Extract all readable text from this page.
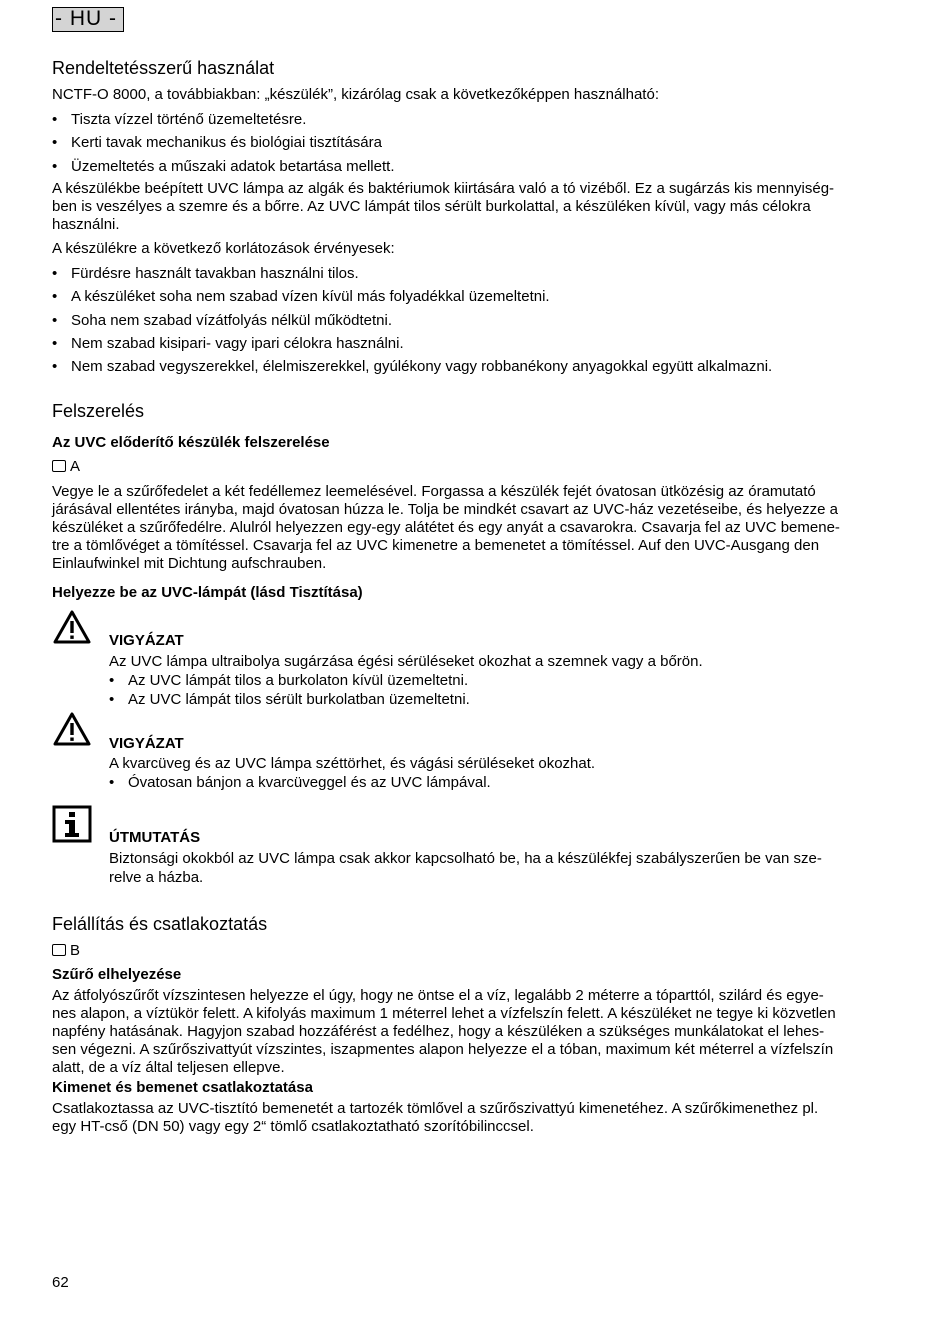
- HU -
Rendeltetésszerű használat
NCTF-O 8000, a továbbiakban: „készülék”, kizárólag csak a következőképpen használható:
• Tiszta vízzel történő üzemeltetésre.
• Kerti tavak mechanikus és biológiai tisztítására
• Üzemeltetés a műszaki adatok betartása mellett.
A készülékbe beépített UVC lámpa az algák és baktériumok kiirtására való a tó vizéből. Ez a sugárzás kis mennyiség-
ben is veszélyes a szemre és a bőrre. Az UVC lámpát tilos sérült burkolattal, a készüléken kívül, vagy más célokra
használni.
A készülékre a következő korlátozások érvényesek:
• Fürdésre használt tavakban használni tilos.
• A készüléket soha nem szabad vízen kívül más folyadékkal üzemeltetni.
• Soha nem szabad vízátfolyás nélkül működtetni.
• Nem szabad kisipari- vagy ipari célokra használni.
• Nem szabad vegyszerekkel, élelmiszerekkel, gyúlékony vagy robbanékony anyagokkal együtt alkalmazni.
Felszerelés
Az UVC előderítő készülék felszerelése
A
Vegye le a szűrőfedelet a két fedéllemez leemelésével. Forgassa a készülék fejét óvatosan ütközésig az óramutató
járásával ellentétes irányba, majd óvatosan húzza le. Tolja be mindkét csavart az UVC-ház vezetéseibe, és helyezze a
készüléket a szűrőfedélre. Alulról helyezzen egy-egy alátétet és egy anyát a csavarokra. Csavarja fel az UVC bemene-
tre a tömlővéget a tömítéssel. Csavarja fel az UVC kimenetre a bemenetet a tömítéssel. Auf den UVC-Ausgang den
Einlaufwinkel mit Dichtung aufschrauben.
Helyezze be az UVC-lámpát (lásd Tisztítása)
VIGYÁZAT
Az UVC lámpa ultraibolya sugárzása égési sérüléseket okozhat a szemnek vagy a bőrön.
• Az UVC lámpát tilos a burkolaton kívül üzemeltetni.
• Az UVC lámpát tilos sérült burkolatban üzemeltetni.
VIGYÁZAT
A kvarcüveg és az UVC lámpa széttörhet, és vágási sérüléseket okozhat.
• Óvatosan bánjon a kvarcüveggel és az UVC lámpával.
ÚTMUTATÁS
Biztonsági okokból az UVC lámpa csak akkor kapcsolható be, ha a készülékfej szabályszerűen be van sze-
relve a házba.
Felállítás és csatlakoztatás
B
Szűrő elhelyezése
Az átfolyószűrőt vízszintesen helyezze el úgy, hogy ne öntse el a víz, legalább 2 méterre a tóparttól, szilárd és egye-
nes alapon, a víztükör felett. A kifolyás maximum 1 méterrel lehet a vízfelszín felett. A készüléket ne tegye ki közvetlen
napfény hatásának. Hagyjon szabad hozzáférést a fedélhez, hogy a készüléken a szükséges munkálatokat el lehes-
sen végezni. A szűrőszivattyút vízszintes, iszapmentes alapon helyezze el a tóban, maximum két méterrel a vízfelszín
alatt, de a víz által teljesen ellepve.
Kimenet és bemenet csatlakoztatása
Csatlakoztassa az UVC-tisztító bemenetét a tartozék tömlővel a szűrőszivattyú kimenetéhez. A szűrőkimenethez pl.
egy HT-cső (DN 50) vagy egy 2“ tömlő csatlakoztatható szorítóbilinccsel.
62
